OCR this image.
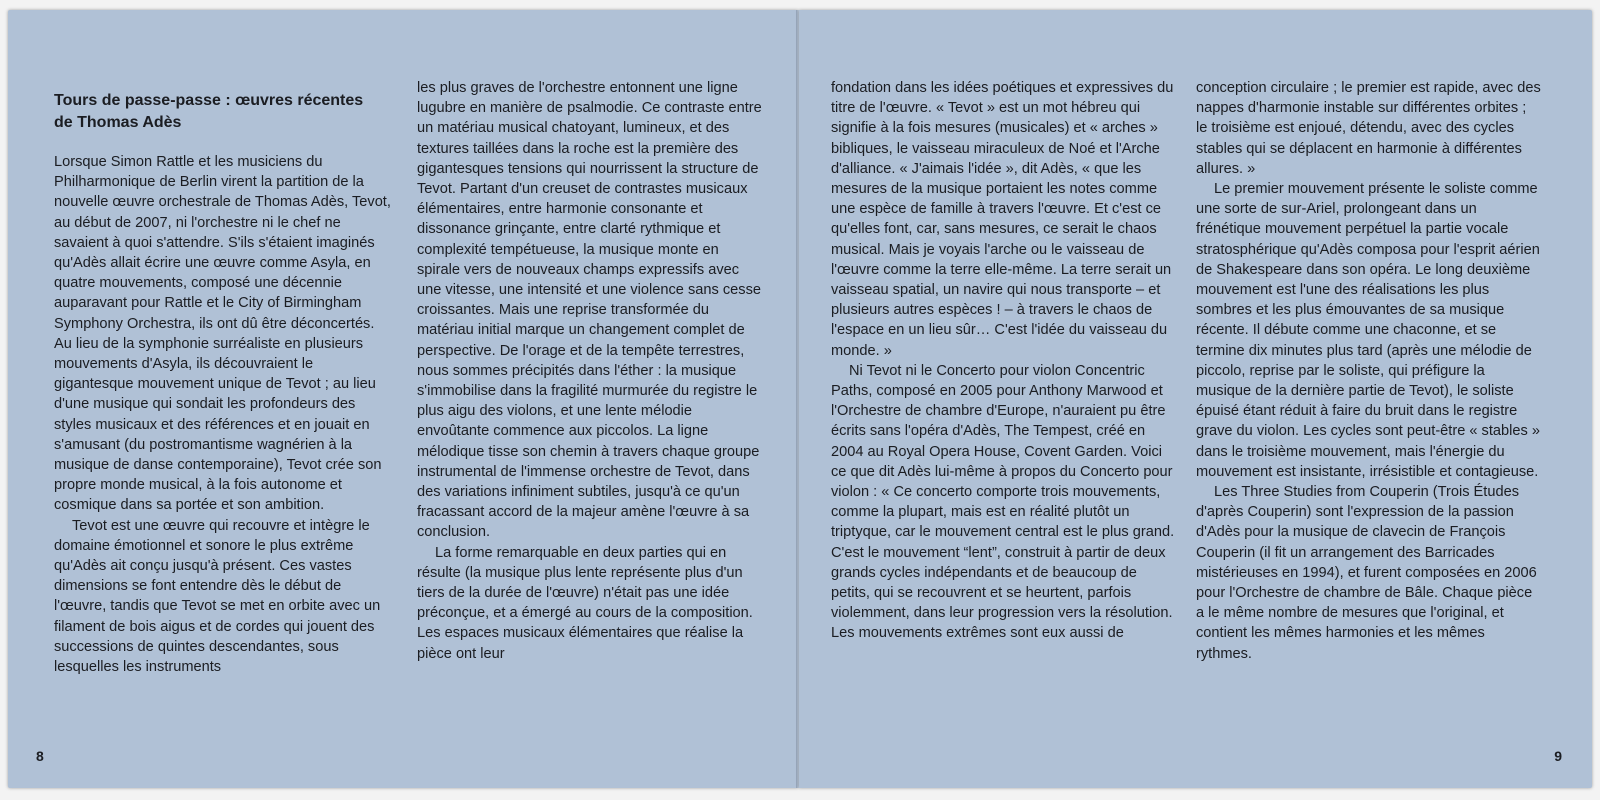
Tours de passe-passe : œuvres récentes
de Thomas Adès

Lorsque Simon Rattle et les musiciens du Philharmonique de Berlin virent la partition de la nouvelle œuvre orchestrale de Thomas Adès, Tevot, au début de 2007, ni l'orchestre ni le chef ne savaient à quoi s'attendre. S'ils s'étaient imaginés qu'Adès allait écrire une œuvre comme Asyla, en quatre mouvements, composé une décennie auparavant pour Rattle et le City of Birmingham Symphony Orchestra, ils ont dû être déconcertés. Au lieu de la symphonie surréaliste en plusieurs mouvements d'Asyla, ils découvraient le gigantesque mouvement unique de Tevot ; au lieu d'une musique qui sondait les profondeurs des styles musicaux et des références et en jouait en s'amusant (du postromantisme wagnérien à la musique de danse contemporaine), Tevot crée son propre monde musical, à la fois autonome et cosmique dans sa portée et son ambition.

Tevot est une œuvre qui recouvre et intègre le domaine émotionnel et sonore le plus extrême qu'Adès ait conçu jusqu'à présent. Ces vastes dimensions se font entendre dès le début de l'œuvre, tandis que Tevot se met en orbite avec un filament de bois aigus et de cordes qui jouent des successions de quintes descendantes, sous lesquelles les instruments

les plus graves de l'orchestre entonnent une ligne lugubre en manière de psalmodie. Ce contraste entre un matériau musical chatoyant, lumineux, et des textures taillées dans la roche est la première des gigantesques tensions qui nourrissent la structure de Tevot. Partant d'un creuset de contrastes musicaux élémentaires, entre harmonie consonante et dissonance grinçante, entre clarté rythmique et complexité tempétueuse, la musique monte en spirale vers de nouveaux champs expressifs avec une vitesse, une intensité et une violence sans cesse croissantes. Mais une reprise transformée du matériau initial marque un changement complet de perspective. De l'orage et de la tempête terrestres, nous sommes précipités dans l'éther : la musique s'immobilise dans la fragilité murmurée du registre le plus aigu des violons, et une lente mélodie envoûtante commence aux piccolos. La ligne mélodique tisse son chemin à travers chaque groupe instrumental de l'immense orchestre de Tevot, dans des variations infiniment subtiles, jusqu'à ce qu'un fracassant accord de la majeur amène l'œuvre à sa conclusion.

La forme remarquable en deux parties qui en résulte (la musique plus lente représente plus d'un tiers de la durée de l'œuvre) n'était pas une idée préconçue, et a émergé au cours de la composition. Les espaces musicaux élémentaires que réalise la pièce ont leur

8

fondation dans les idées poétiques et expressives du titre de l'œuvre. « Tevot » est un mot hébreu qui signifie à la fois mesures (musicales) et « arches » bibliques, le vaisseau miraculeux de Noé et l'Arche d'alliance. « J'aimais l'idée », dit Adès, « que les mesures de la musique portaient les notes comme une espèce de famille à travers l'œuvre. Et c'est ce qu'elles font, car, sans mesures, ce serait le chaos musical. Mais je voyais l'arche ou le vaisseau de l'œuvre comme la terre elle-même. La terre serait un vaisseau spatial, un navire qui nous transporte – et plusieurs autres espèces ! – à travers le chaos de l'espace en un lieu sûr… C'est l'idée du vaisseau du monde. »

Ni Tevot ni le Concerto pour violon Concentric Paths, composé en 2005 pour Anthony Marwood et l'Orchestre de chambre d'Europe, n'auraient pu être écrits sans l'opéra d'Adès, The Tempest, créé en 2004 au Royal Opera House, Covent Garden. Voici ce que dit Adès lui-même à propos du Concerto pour violon : « Ce concerto comporte trois mouvements, comme la plupart, mais est en réalité plutôt un triptyque, car le mouvement central est le plus grand. C'est le mouvement “lent”, construit à partir de deux grands cycles indépendants et de beaucoup de petits, qui se recouvrent et se heurtent, parfois violemment, dans leur progression vers la résolution. Les mouvements extrêmes sont eux aussi de

conception circulaire ; le premier est rapide, avec des nappes d'harmonie instable sur différentes orbites ; le troisième est enjoué, détendu, avec des cycles stables qui se déplacent en harmonie à différentes allures. »

Le premier mouvement présente le soliste comme une sorte de sur-Ariel, prolongeant dans un frénétique mouvement perpétuel la partie vocale stratosphérique qu'Adès composa pour l'esprit aérien de Shakespeare dans son opéra. Le long deuxième mouvement est l'une des réalisations les plus sombres et les plus émouvantes de sa musique récente. Il débute comme une chaconne, et se termine dix minutes plus tard (après une mélodie de piccolo, reprise par le soliste, qui préfigure la musique de la dernière partie de Tevot), le soliste épuisé étant réduit à faire du bruit dans le registre grave du violon. Les cycles sont peut-être « stables » dans le troisième mouvement, mais l'énergie du mouvement est insistante, irrésistible et contagieuse.

Les Three Studies from Couperin (Trois Études d'après Couperin) sont l'expression de la passion d'Adès pour la musique de clavecin de François Couperin (il fit un arrangement des Barricades mistérieuses en 1994), et furent composées en 2006 pour l'Orchestre de chambre de Bâle. Chaque pièce a le même nombre de mesures que l'original, et contient les mêmes harmonies et les mêmes rythmes.

9
